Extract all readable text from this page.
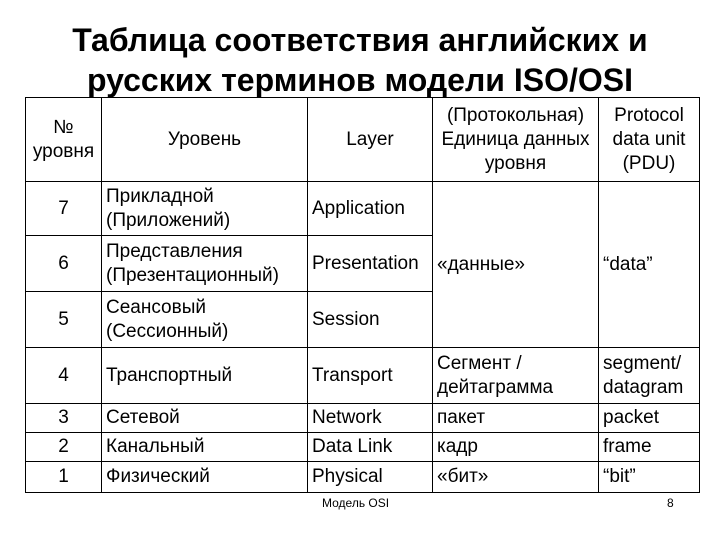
Таблица соответствия английских и русских терминов модели ISO/OSI
№ уровня	Уровень	Layer	(Протокольная) Единица данных уровня	Protocol data unit (PDU)
7	Прикладной (Приложений)	Application	«данные»	“data”
6	Представления (Презентационный)	Presentation		
5	Сеансовый (Сессионный)	Session		
4	Транспортный	Transport	Сегмент / дейтаграмма	segment/ datagram
3	Сетевой	Network	пакет	packet
2	Канальный	Data Link	кадр	frame
1	Физический	Physical	«бит»	“bit”
Модель OSI	8
